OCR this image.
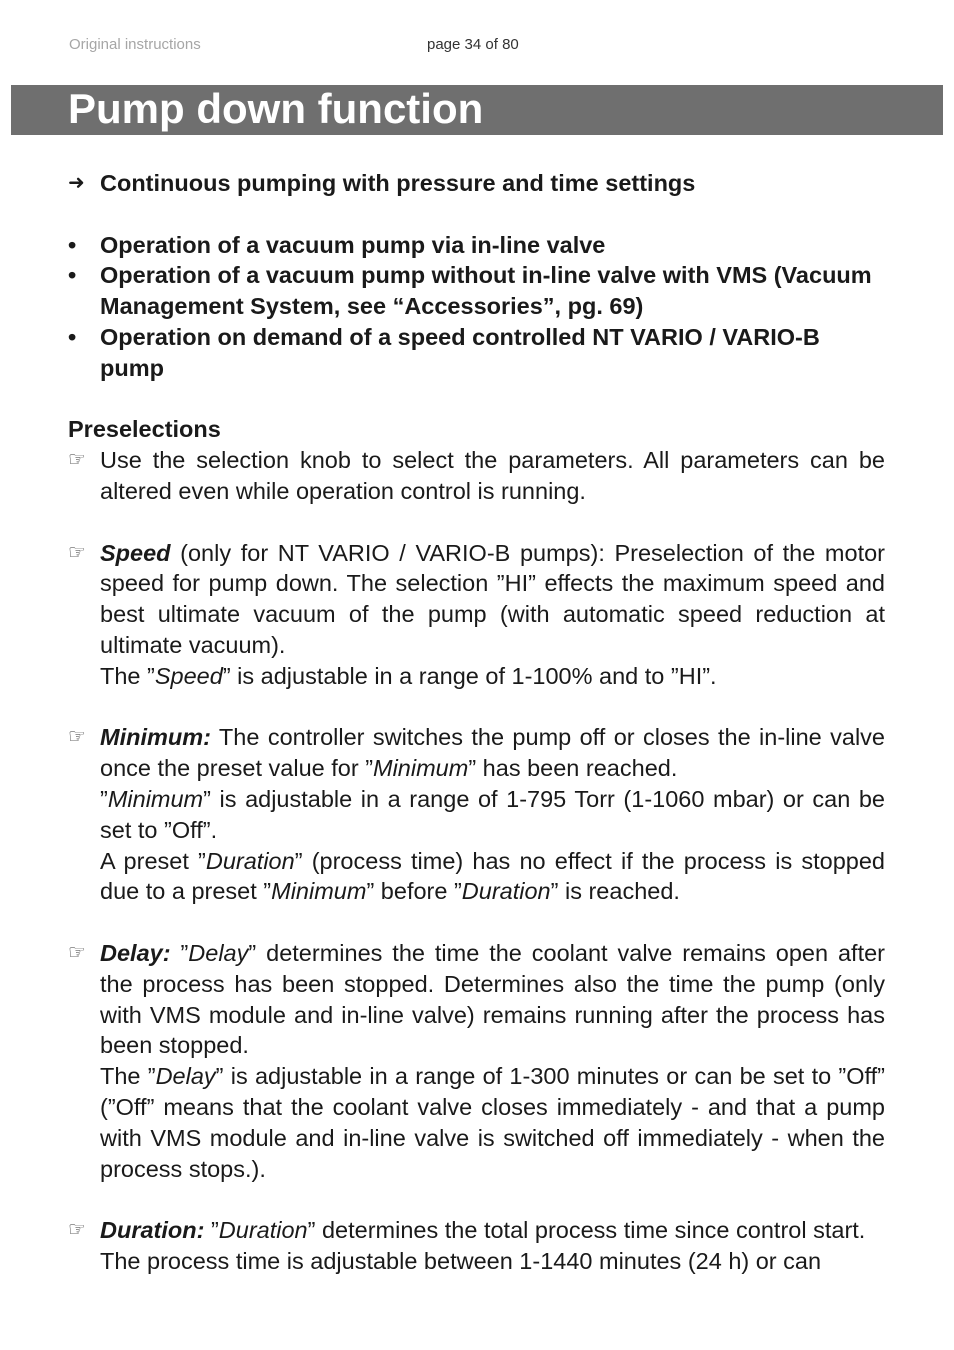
Original instructions	page 34 of 80
Pump down function
➜ Continuous pumping with pressure and time settings
•	Operation of a vacuum pump via in-line valve
•	Operation of a vacuum pump without in-line valve with VMS (Vacuum Management System, see “Accessories”, pg. 69)
•	Operation on demand of a speed controlled NT VARIO / VARIO-B pump
Preselections
☞ Use the selection knob to select the parameters. All parameters can be altered even while operation control is running.
☞ Speed (only for NT VARIO / VARIO-B pumps): Preselection of the motor speed for pump down. The selection ”HI” effects the maximum speed and best ultimate vacuum of the pump (with automatic speed reduction at ultimate vacuum).
The ”Speed” is adjustable in a range of 1-100% and to ”HI”.
☞ Minimum: The controller switches the pump off or closes the in-line valve once the preset value for ”Minimum” has been reached.
”Minimum” is adjustable in a range of 1-795 Torr (1-1060 mbar) or can be set to ”Off”.
A preset ”Duration” (process time) has no effect if the process is stopped due to a preset ”Minimum” before ”Duration” is reached.
☞ Delay: ”Delay” determines the time the coolant valve remains open after the process has been stopped. Determines also the time the pump (only with VMS module and in-line valve) remains running after the process has been stopped.
The ”Delay” is adjustable in a range of 1-300 minutes or can be set to ”Off” (”Off” means that the coolant valve closes immediately - and that a pump with VMS module and in-line valve is switched off immediately - when the process stops.).
☞ Duration: ”Duration” determines the total process time since control start.
The process time is adjustable between 1-1440 minutes (24 h) or can
